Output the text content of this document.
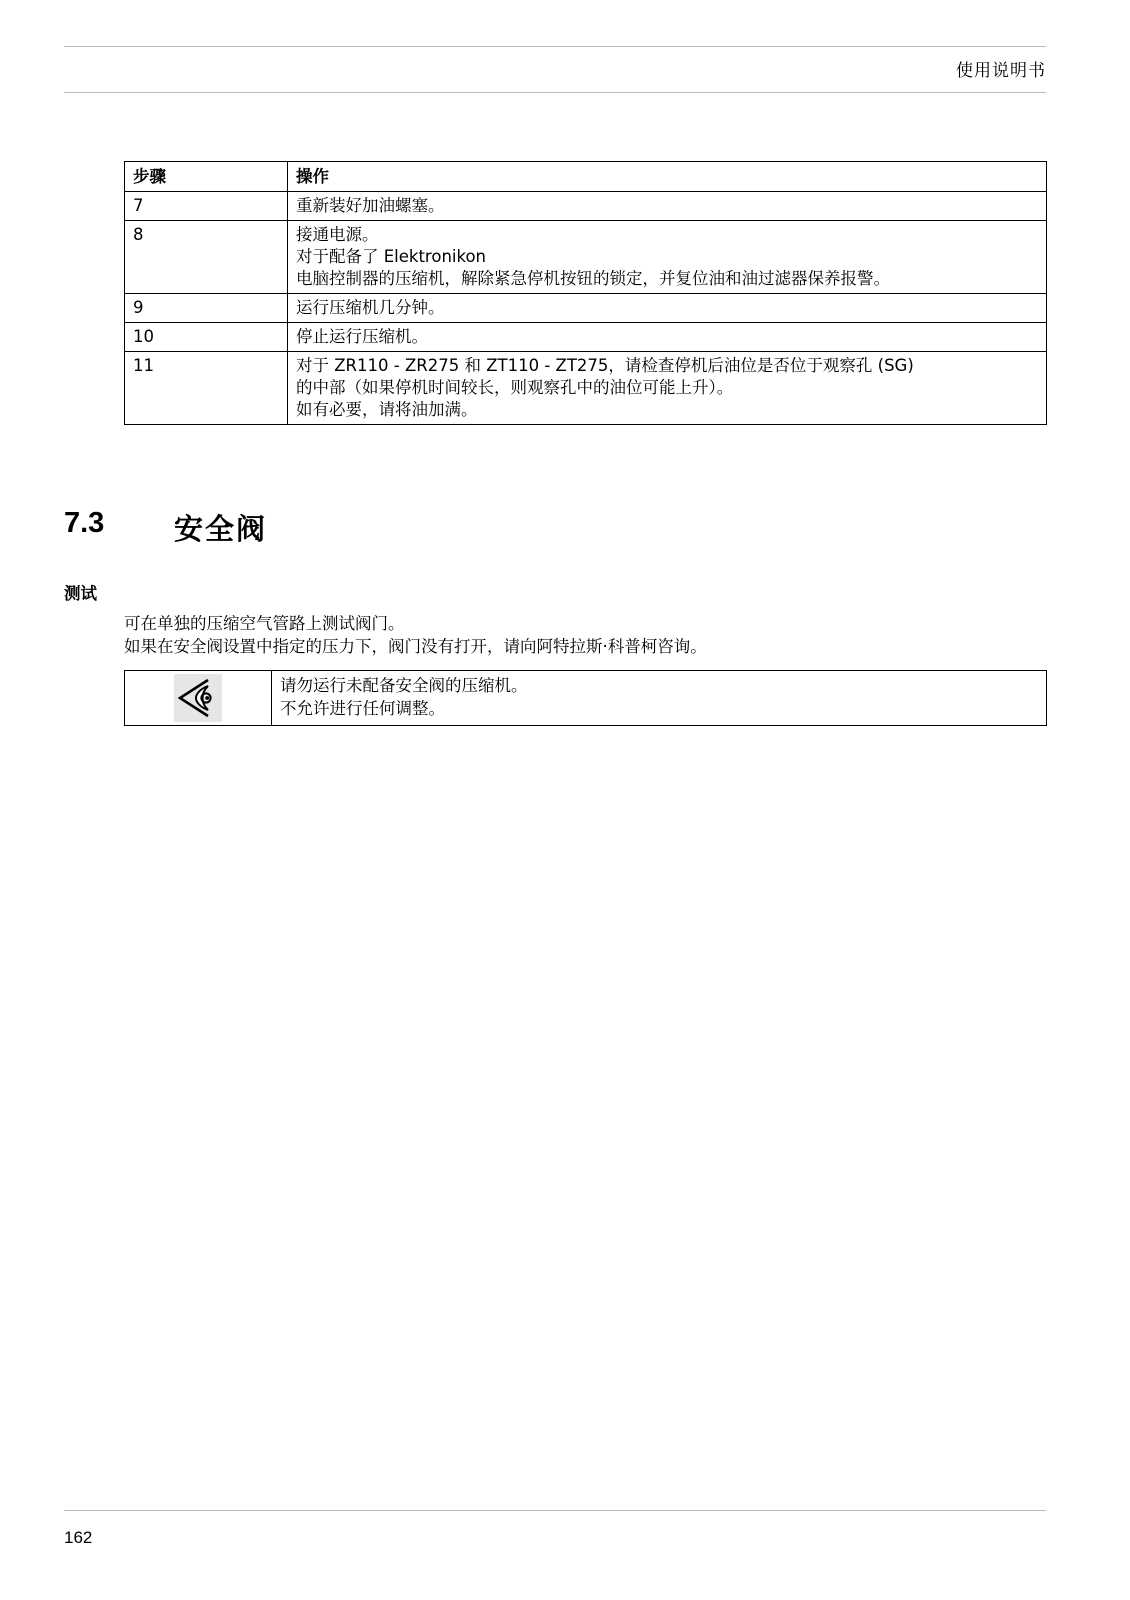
使用说明书
步骤	操作
7	重新装好加油螺塞。

8	接通电源。
对于配备了 Elektronikon
电脑控制器的压缩机，解除紧急停机按钮的锁定，并复位油和油过滤器保养报警。

9	运行压缩机几分钟。

10	停止运行压缩机。

11	对于 ZR110 - ZR275 和 ZT110 - ZT275，请检查停机后油位是否位于观察孔 (SG)
的中部（如果停机时间较长，则观察孔中的油位可能上升）。
如有必要，请将油加满。
7.3 安全阀
测试
可在单独的压缩空气管路上测试阀门。
如果在安全阀设置中指定的压力下，阀门没有打开，请向阿特拉斯·科普柯咨询。

请勿运行未配备安全阀的压缩机。
不允许进行任何调整。
162
